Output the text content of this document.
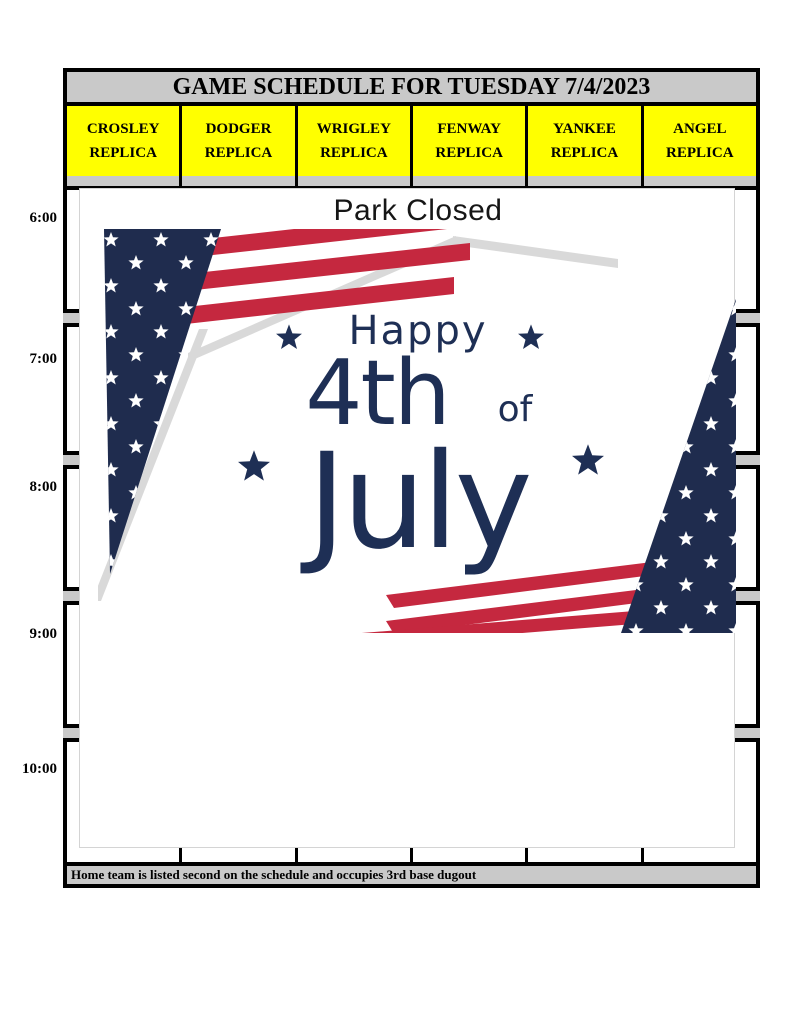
GAME SCHEDULE FOR TUESDAY 7/4/2023
CROSLEY
REPLICA
DODGER
REPLICA
WRIGLEY
REPLICA
FENWAY
REPLICA
YANKEE
REPLICA
ANGEL
REPLICA
6:00
7:00
8:00
9:00
10:00
Home team is listed second on the schedule and occupies 3rd base dugout
Park Closed
Happy
4th of
July
